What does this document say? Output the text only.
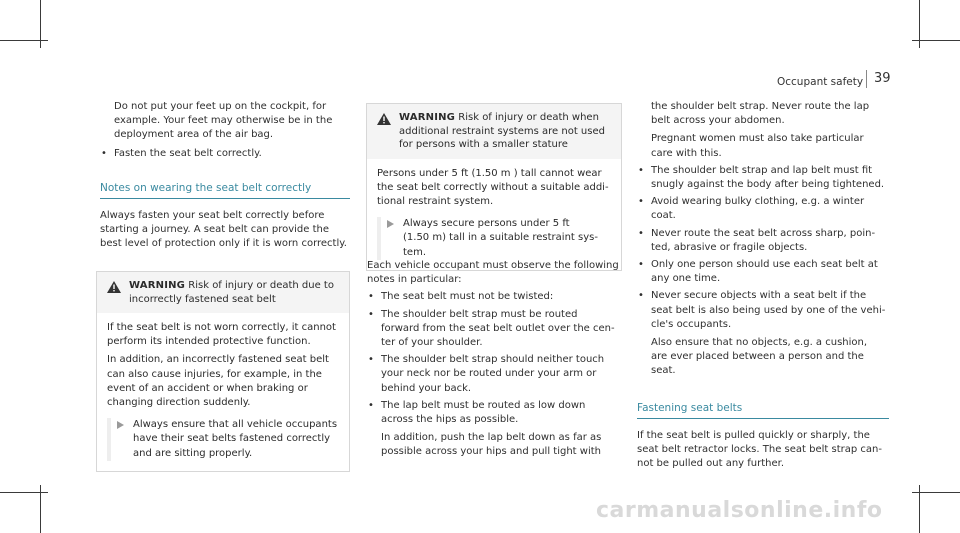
Occupant safety 39

Do not put your feet up on the cockpit, for

example. Your feet may otherwise be in the

deployment area of the air bag.

• Fasten the seat belt correctly.

Notes on wearing the seat belt correctly

Always fasten your seat belt correctly before

starting a journey. A seat belt can provide the

best level of protection only if it is worn correctly.

WARNING Risk of injury or death due to

incorrectly fastened seat belt

If the seat belt is not worn correctly, it cannot

perform its intended protective function.

In addition, an incorrectly fastened seat belt

can also cause injuries, for example, in the

event of an accident or when braking or

changing direction suddenly.

Always ensure that all vehicle occupants

have their seat belts fastened correctly

and are sitting properly.

WARNING Risk of injury or death when

additional restraint systems are not used

for persons with a smaller stature

Persons under 5 ft (1.50 m ) tall cannot wear

the seat belt correctly without a suitable addi-

tional restraint system.

Always secure persons under 5 ft

(1.50 m) tall in a suitable restraint sys-

tem.

Each vehicle occupant must observe the following

notes in particular:

• The seat belt must not be twisted:

• The shoulder belt strap must be routed

forward from the seat belt outlet over the cen-

ter of your shoulder.

• The shoulder belt strap should neither touch

your neck nor be routed under your arm or

behind your back.

• The lap belt must be routed as low down

across the hips as possible.

In addition, push the lap belt down as far as

possible across your hips and pull tight with

the shoulder belt strap. Never route the lap

belt across your abdomen.

Pregnant women must also take particular

care with this.

• The shoulder belt strap and lap belt must fit

snugly against the body after being tightened.

• Avoid wearing bulky clothing, e.g. a winter

coat.

• Never route the seat belt across sharp, poin-

ted, abrasive or fragile objects.

• Only one person should use each seat belt at

any one time.

• Never secure objects with a seat belt if the

seat belt is also being used by one of the vehi-

cle's occupants.

Also ensure that no objects, e.g. a cushion,

are ever placed between a person and the

seat.

Fastening seat belts

If the seat belt is pulled quickly or sharply, the

seat belt retractor locks. The seat belt strap can-

not be pulled out any further.

carmanualsonline.info
